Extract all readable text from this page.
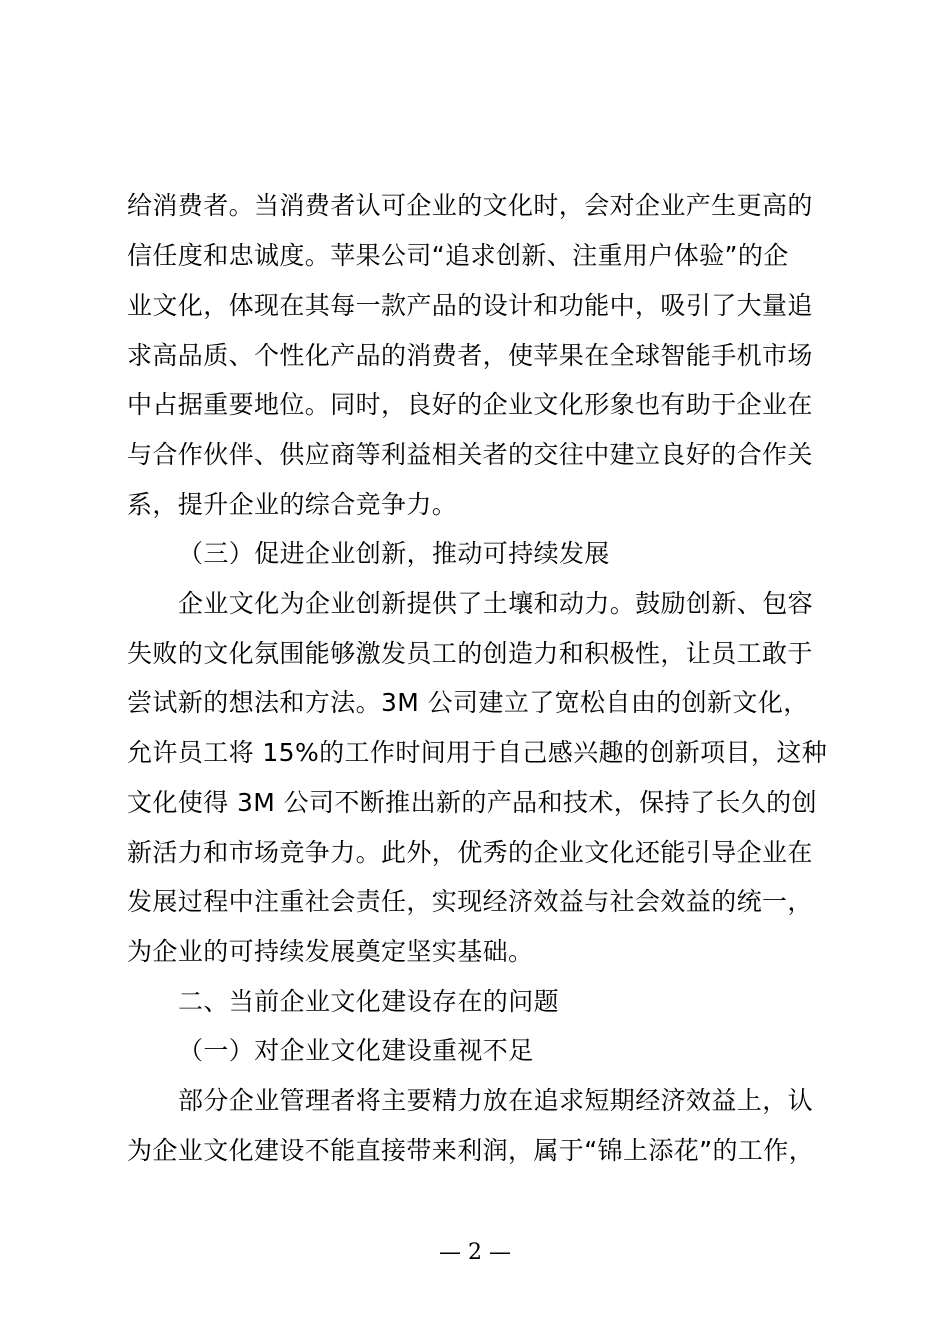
给消费者。当消费者认可企业的文化时，会对企业产生更高的
信任度和忠诚度。苹果公司“追求创新、注重用户体验”的企
业文化，体现在其每一款产品的设计和功能中，吸引了大量追
求高品质、个性化产品的消费者，使苹果在全球智能手机市场
中占据重要地位。同时，良好的企业文化形象也有助于企业在
与合作伙伴、供应商等利益相关者的交往中建立良好的合作关
系，提升企业的综合竞争力。
（三）促进企业创新，推动可持续发展
企业文化为企业创新提供了土壤和动力。鼓励创新、包容
失败的文化氛围能够激发员工的创造力和积极性，让员工敢于
尝试新的想法和方法。3M 公司建立了宽松自由的创新文化，
允许员工将 15%的工作时间用于自己感兴趣的创新项目，这种
文化使得 3M 公司不断推出新的产品和技术，保持了长久的创
新活力和市场竞争力。此外，优秀的企业文化还能引导企业在
发展过程中注重社会责任，实现经济效益与社会效益的统一，
为企业的可持续发展奠定坚实基础。
二、当前企业文化建设存在的问题
（一）对企业文化建设重视不足
部分企业管理者将主要精力放在追求短期经济效益上，认
为企业文化建设不能直接带来利润，属于“锦上添花”的工作，
— 2 —
